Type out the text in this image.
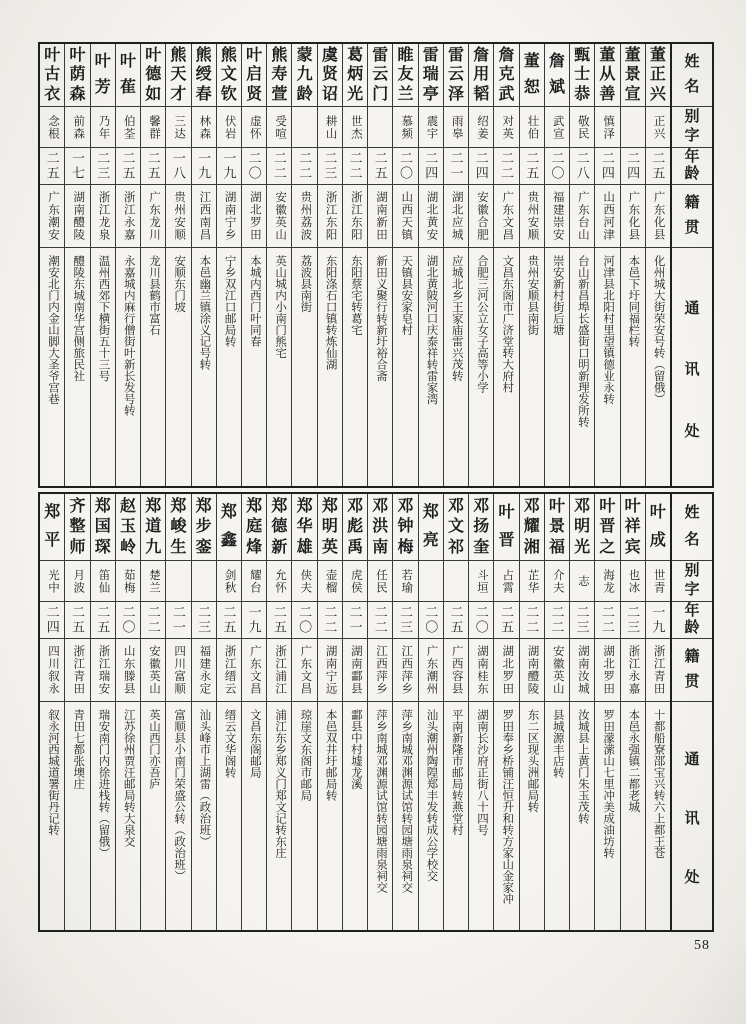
姓
名
别
字
年
龄
籍
贯
通
讯
处
董
正
兴
正兴
二五
广东化县
化州城大街荣安号转（留俄）
董
景
宣
二四
广东化县
本邑下圩同福栏转
董
从
善
慎泽
二四
山西河津
河津县北阳村里望镇德业永转
甄
士
恭
敬民
二八
广东台山
台山新昌埠长盛街口明新理发所转
詹
斌
武宣
二〇
福建崇安
崇安新村街后塘
董
恕
壮伯
二五
贵州安顺
贵州安顺县南街
詹
克
武
对英
二二
广东文昌
文昌东阁市广济堂转大府村
詹
用
韬
绍姜
二四
安徽合肥
合肥三河公立女子高等小学
雷
云
泽
雨皋
二一
湖北应城
应城北乡王家庙雷兴茂转
雷
瑞
亭
震宇
二四
湖北黄安
湖北黄陂河口庆泰祥转雷家湾
睢
友
兰
慕频
二〇
山西天镇
天镇县安家皂村
雷
云
门
二五
湖南新田
新田义聚行转新圩裕合斋
葛
炳
光
世杰
二二
浙江东阳
东阳蔡宅转葛宅
虞
贤
诏
耕山
二三
浙江东阳
东阳涤石口镇转炼仙湖
蒙
九
龄
二二
贵州荔波
荔波县南街
熊
寿
萱
受喧
二二
安徽英山
英山城内小南门熊宅
叶
启
贤
虚怀
二〇
湖北罗田
本城内西门叶同春
熊
文
钦
伏岩
一九
湖南宁乡
宁乡双江口邮局转
熊
绶
春
林森
一九
江西南昌
本邑幽兰镇涂义记号转
熊
天
才
三达
一八
贵州安顺
安顺东门坡
叶
德
如
馨群
二五
广东龙川
龙川县鹤市富石
叶
萑
伯荃
二五
浙江永嘉
永嘉城内麻行僧街叶新长发号转
叶
芳
乃年
二三
浙江龙泉
温州西郊下横街五十三号
叶
荫
森
前森
一七
湖南醴陵
醴陵东城南华宫侧旅民社
叶
古
衣
念根
二五
广东潮安
潮安北门内金山脚大圣爷宫巷
姓
名
别
字
年
龄
籍
贯
通
讯
处
叶
成
世青
一九
浙江青田
十都船寮邵宝兴转六上都王苍
叶
祥
宾
也冰
二三
浙江永嘉
本邑永强镇二都老城
叶
晋
之
海龙
二二
湖北罗田
罗田濛潆山七里冲美成油坊转
邓
明
光
志
二三
湖南汝城
汝城县上黄门朱玉茂转
叶
景
福
介夫
二二
安徽英山
县城源丰店转
邓
耀
湘
芷华
二二
湖南醴陵
东二区现头洲邮局转
叶
晋
占霄
二五
湖北罗田
罗田奉乡桥铺汪恒升和转方家山金家冲
邓
扬
奎
斗垣
二〇
湖南桂东
湖南长沙府正街八十四号
邓
文
祁
二五
广西容县
平南新隆市邮局转燕堂村
郑
亮
二〇
广东潮州
汕头潮州陶隍郑丰发转成公学校交
邓
钟
梅
若瑜
二三
江西萍乡
萍乡南城邓渊源试馆转园塘雨泉祠交
邓
洪
南
任民
二二
江西萍乡
萍乡南城邓渊源试馆转园塘雨泉祠交
邓
彪
禹
虎侯
二一
湖南酃县
酃县中村墟龙溪
郑
明
英
壶榴
二二
湖南宁远
本邑双井圩邮局转
郑
华
雄
侠夫
二〇
广东文昌
琼崖文东阁市邮局
郑
德
新
允怀
二五
浙江浦江
浦江东乡郑义门郑文记转东庄
郑
庭
烽
耀台
一九
广东文昌
文昌东阁邮局
郑
鑫
剑秋
二五
浙江缙云
缙云文华阁转
郑
步
銮
二三
福建永定
汕头峰市上湖雷（政治班）
郑
峻
生
二一
四川富顺
富顺县小南门荣盛公转（政治班）
郑
道
九
楚兰
二二
安徽英山
英山西门亦吾庐
赵
玉
岭
茹梅
二〇
山东滕县
江苏徐州贾汪邮局转大泉交
郑
国
琛
笛仙
二五
浙江瑞安
瑞安南门内徐进栈转（留俄）
齐
整
师
月波
二五
浙江青田
青田七都张墺庄
郑
平
光中
二四
四川叙永
叙永河西城道署街丹记转
58
